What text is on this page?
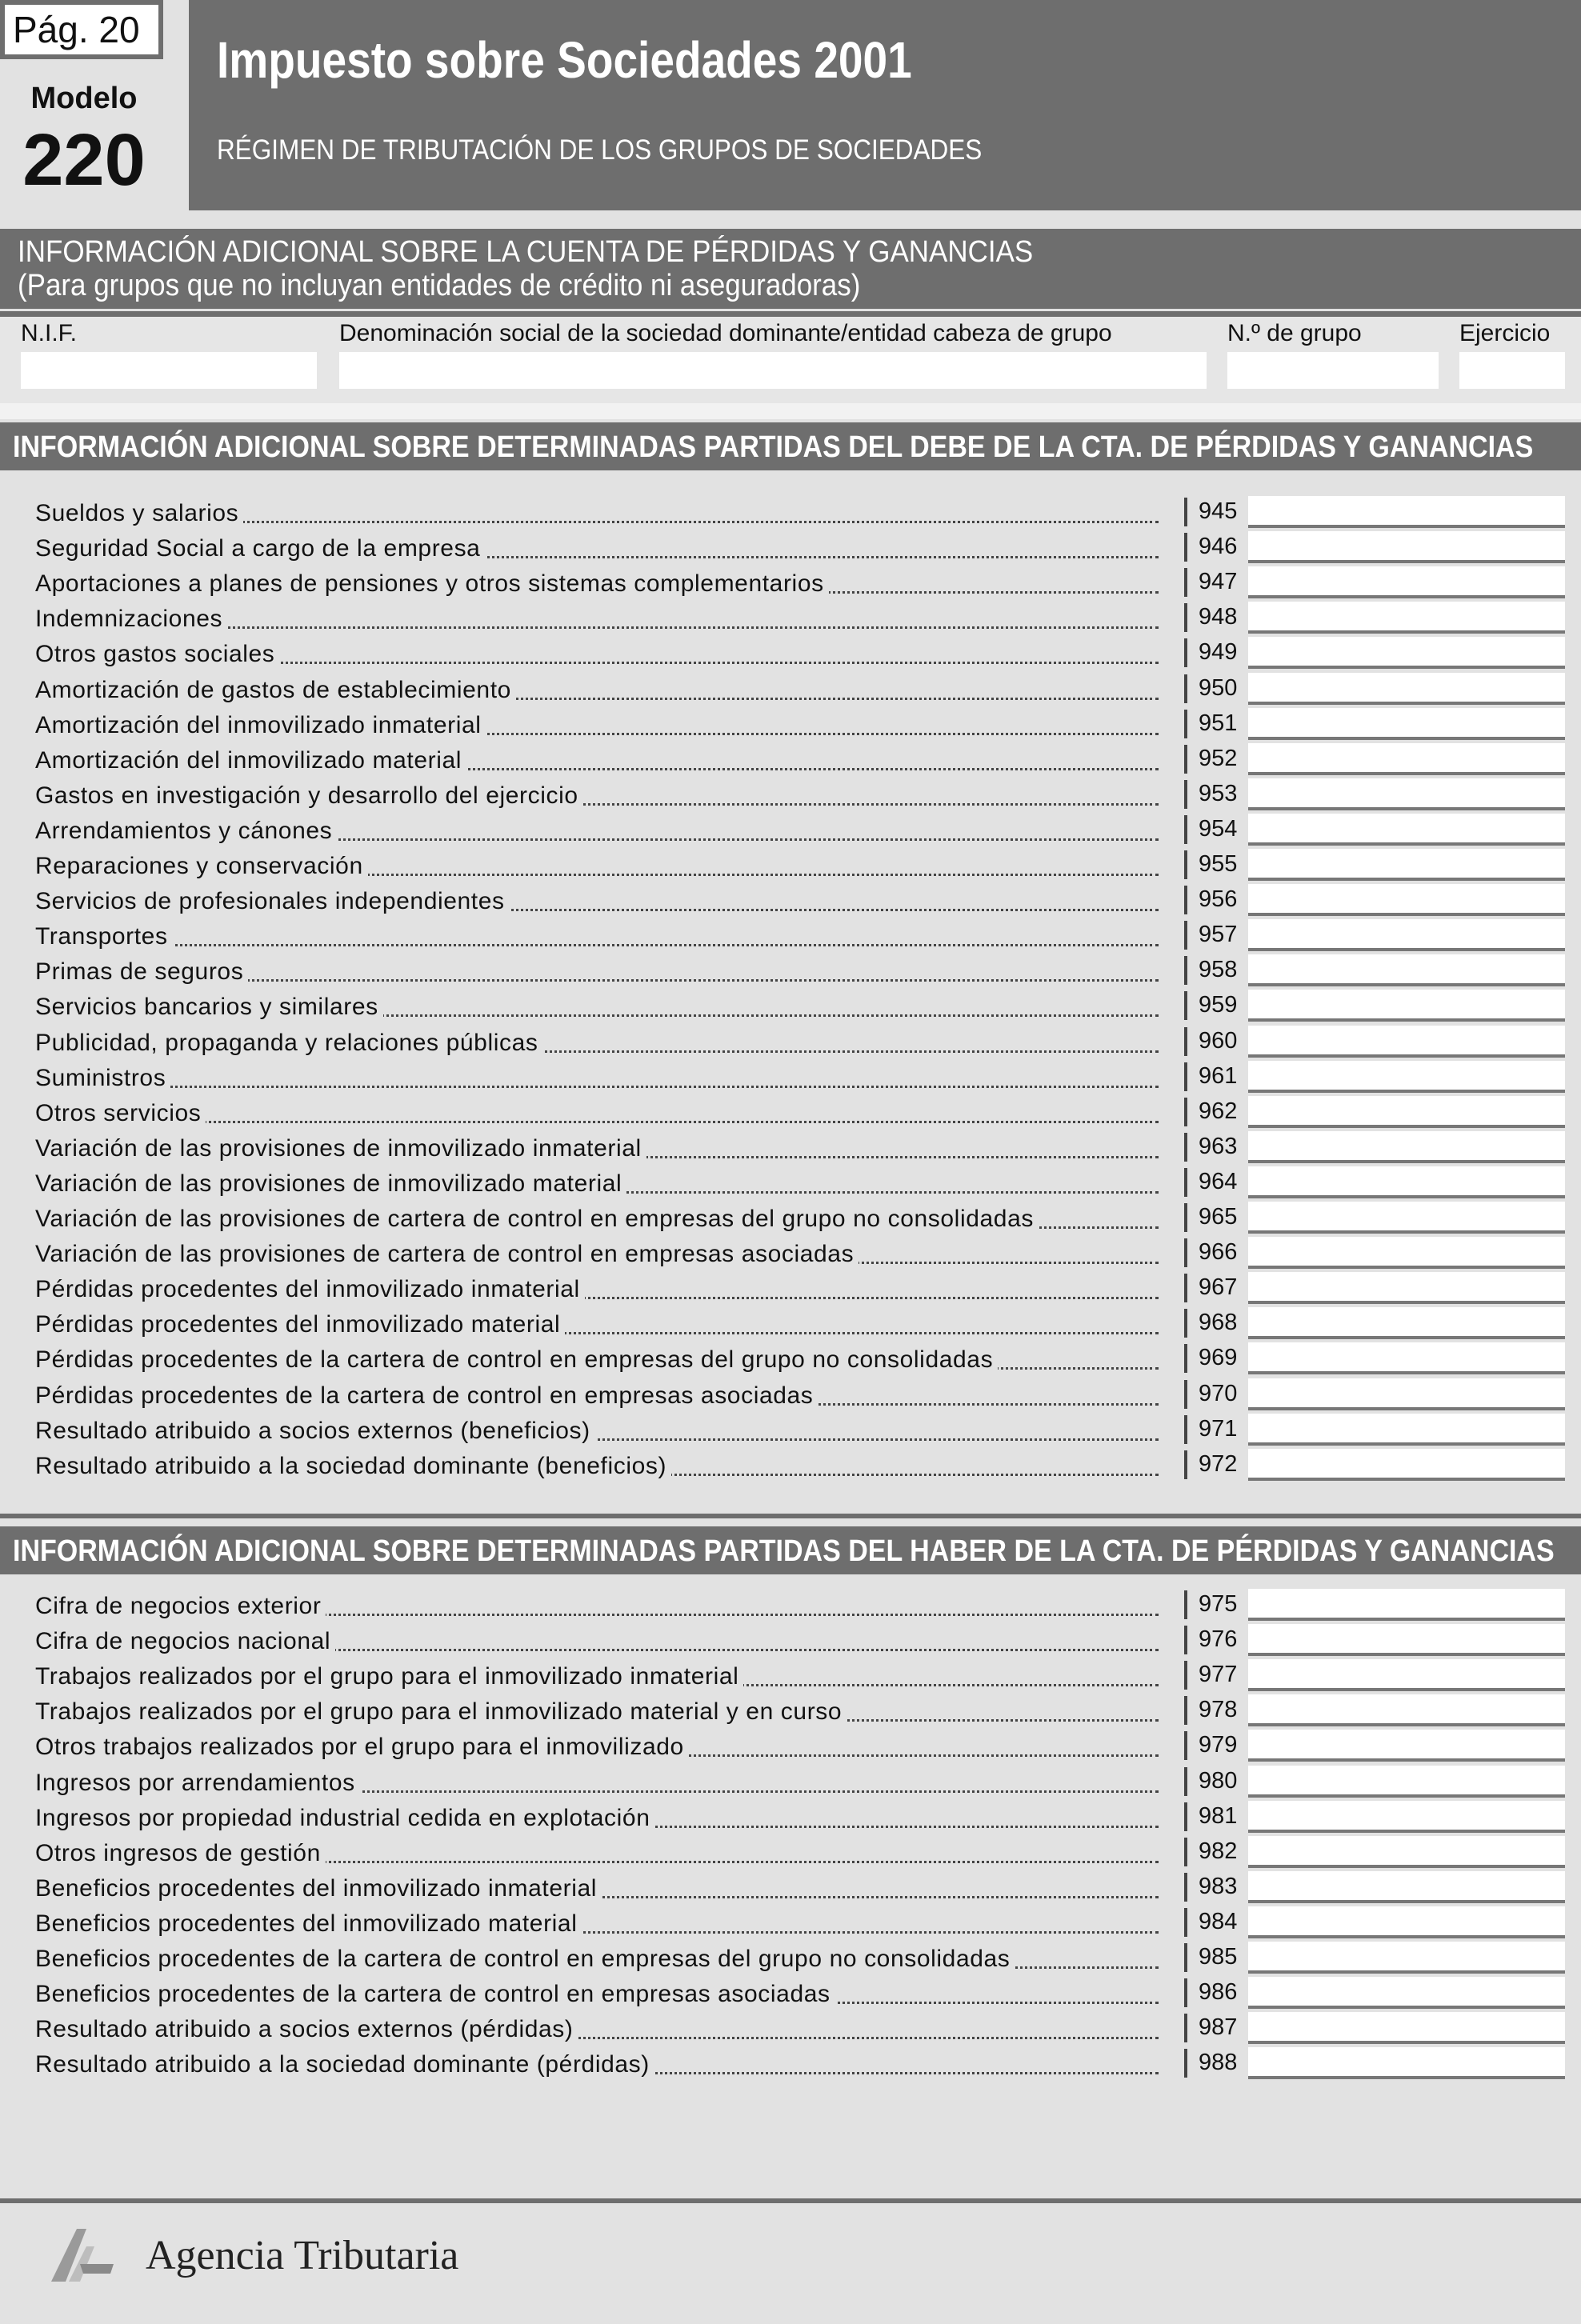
Pág. 20
Modelo
220
Impuesto sobre Sociedades 2001
RÉGIMEN DE TRIBUTACIÓN DE LOS GRUPOS DE SOCIEDADES
INFORMACIÓN ADICIONAL SOBRE LA CUENTA DE PÉRDIDAS Y GANANCIAS
(Para grupos que no incluyan entidades de crédito ni aseguradoras)
N.I.F.	Denominación social de la sociedad dominante/entidad cabeza de grupo	N.º de grupo	Ejercicio
INFORMACIÓN ADICIONAL SOBRE DETERMINADAS PARTIDAS DEL DEBE DE LA CTA. DE PÉRDIDAS Y GANANCIAS
Sueldos y salarios	945
Seguridad Social a cargo de la empresa	946
Aportaciones a planes de pensiones y otros sistemas complementarios	947
Indemnizaciones	948
Otros gastos sociales	949
Amortización de gastos de establecimiento	950
Amortización del inmovilizado inmaterial	951
Amortización del inmovilizado material	952
Gastos en investigación y desarrollo del ejercicio	953
Arrendamientos y cánones	954
Reparaciones y conservación	955
Servicios de profesionales independientes	956
Transportes	957
Primas de seguros	958
Servicios bancarios y similares	959
Publicidad, propaganda y relaciones públicas	960
Suministros	961
Otros servicios	962
Variación de las provisiones de inmovilizado inmaterial	963
Variación de las provisiones de inmovilizado material	964
Variación de las provisiones de cartera de control en empresas del grupo no consolidadas	965
Variación de las provisiones de cartera de control en empresas asociadas	966
Pérdidas procedentes del inmovilizado inmaterial	967
Pérdidas procedentes del inmovilizado material	968
Pérdidas procedentes de la cartera de control en empresas del grupo no consolidadas	969
Pérdidas procedentes de la cartera de control en empresas asociadas	970
Resultado atribuido a socios externos (beneficios)	971
Resultado atribuido a la sociedad dominante (beneficios)	972
INFORMACIÓN ADICIONAL SOBRE DETERMINADAS PARTIDAS DEL HABER DE LA CTA. DE PÉRDIDAS Y GANANCIAS
Cifra de negocios exterior	975
Cifra de negocios nacional	976
Trabajos realizados por el grupo para el inmovilizado inmaterial	977
Trabajos realizados por el grupo para el inmovilizado material y en curso	978
Otros trabajos realizados por el grupo para el inmovilizado	979
Ingresos por arrendamientos	980
Ingresos por propiedad industrial cedida en explotación	981
Otros ingresos de gestión	982
Beneficios procedentes del inmovilizado inmaterial	983
Beneficios procedentes del inmovilizado material	984
Beneficios procedentes de la cartera de control en empresas del grupo no consolidadas	985
Beneficios procedentes de la cartera de control en empresas asociadas	986
Resultado atribuido a socios externos (pérdidas)	987
Resultado atribuido a la sociedad dominante (pérdidas)	988
Agencia Tributaria
